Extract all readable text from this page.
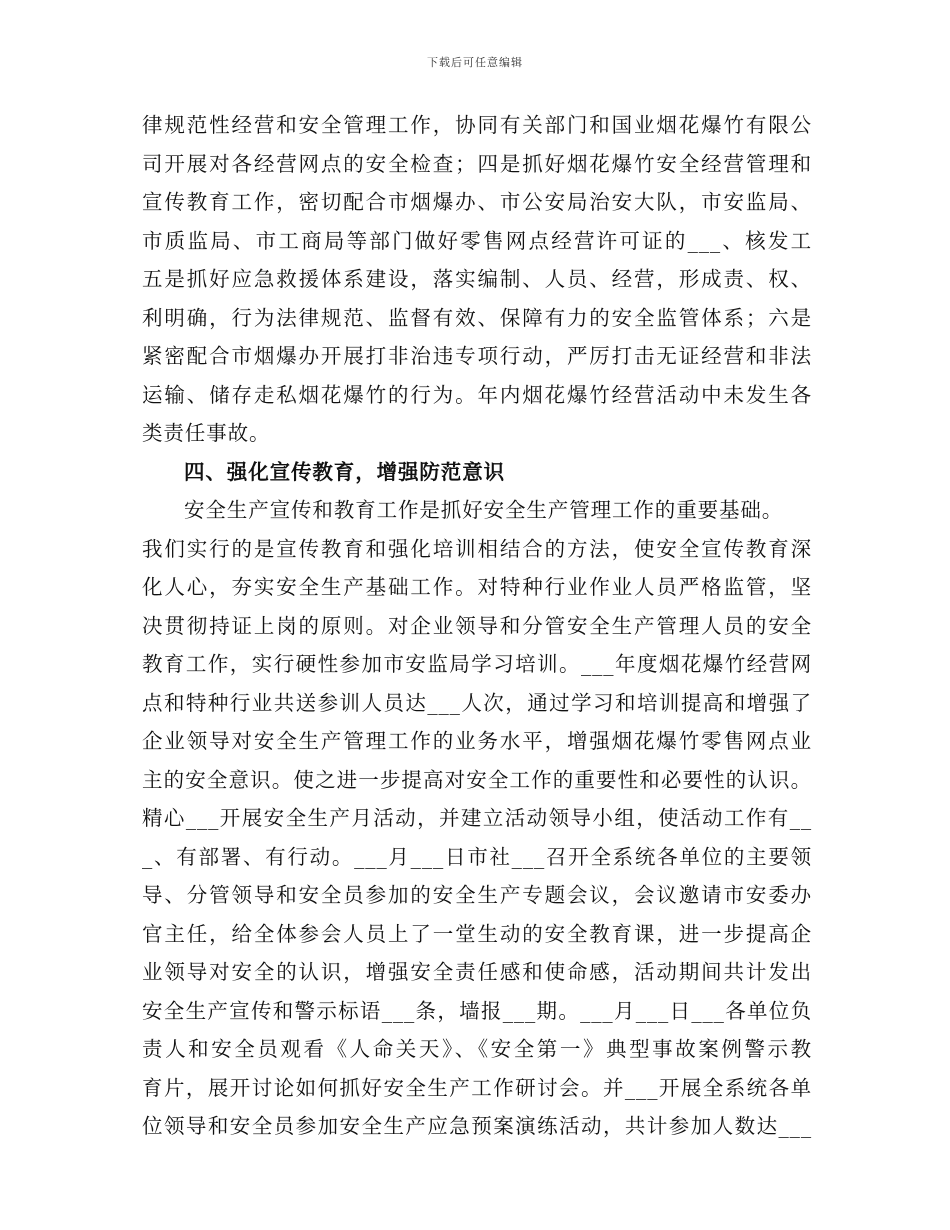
下载后可任意编辑
律规范性经营和安全管理工作，协同有关部门和国业烟花爆竹有限公
司开展对各经营网点的安全检查；四是抓好烟花爆竹安全经营管理和
宣传教育工作，密切配合市烟爆办、市公安局治安大队，市安监局、
市质监局、市工商局等部门做好零售网点经营许可证的___、核发工
五是抓好应急救援体系建设，落实编制、人员、经营，形成责、权、
利明确，行为法律规范、监督有效、保障有力的安全监管体系；六是
紧密配合市烟爆办开展打非治违专项行动，严厉打击无证经营和非法
运输、储存走私烟花爆竹的行为。年内烟花爆竹经营活动中未发生各
类责任事故。
四、强化宣传教育，增强防范意识
安全生产宣传和教育工作是抓好安全生产管理工作的重要基础。
我们实行的是宣传教育和强化培训相结合的方法，使安全宣传教育深
化人心，夯实安全生产基础工作。对特种行业作业人员严格监管，坚
决贯彻持证上岗的原则。对企业领导和分管安全生产管理人员的安全
教育工作，实行硬性参加市安监局学习培训。___年度烟花爆竹经营网
点和特种行业共送参训人员达___人次，通过学习和培训提高和增强了
企业领导对安全生产管理工作的业务水平，增强烟花爆竹零售网点业
主的安全意识。使之进一步提高对安全工作的重要性和必要性的认识。
精心___开展安全生产月活动，并建立活动领导小组，使活动工作有__
_、有部署、有行动。___月___日市社___召开全系统各单位的主要领
导、分管领导和安全员参加的安全生产专题会议，会议邀请市安委办
官主任，给全体参会人员上了一堂生动的安全教育课，进一步提高企
业领导对安全的认识，增强安全责任感和使命感，活动期间共计发出
安全生产宣传和警示标语___条，墙报___期。___月___日___各单位负
责人和安全员观看《人命关天》、《安全第一》典型事故案例警示教
育片，展开讨论如何抓好安全生产工作研讨会。并___开展全系统各单
位领导和安全员参加安全生产应急预案演练活动，共计参加人数达___
